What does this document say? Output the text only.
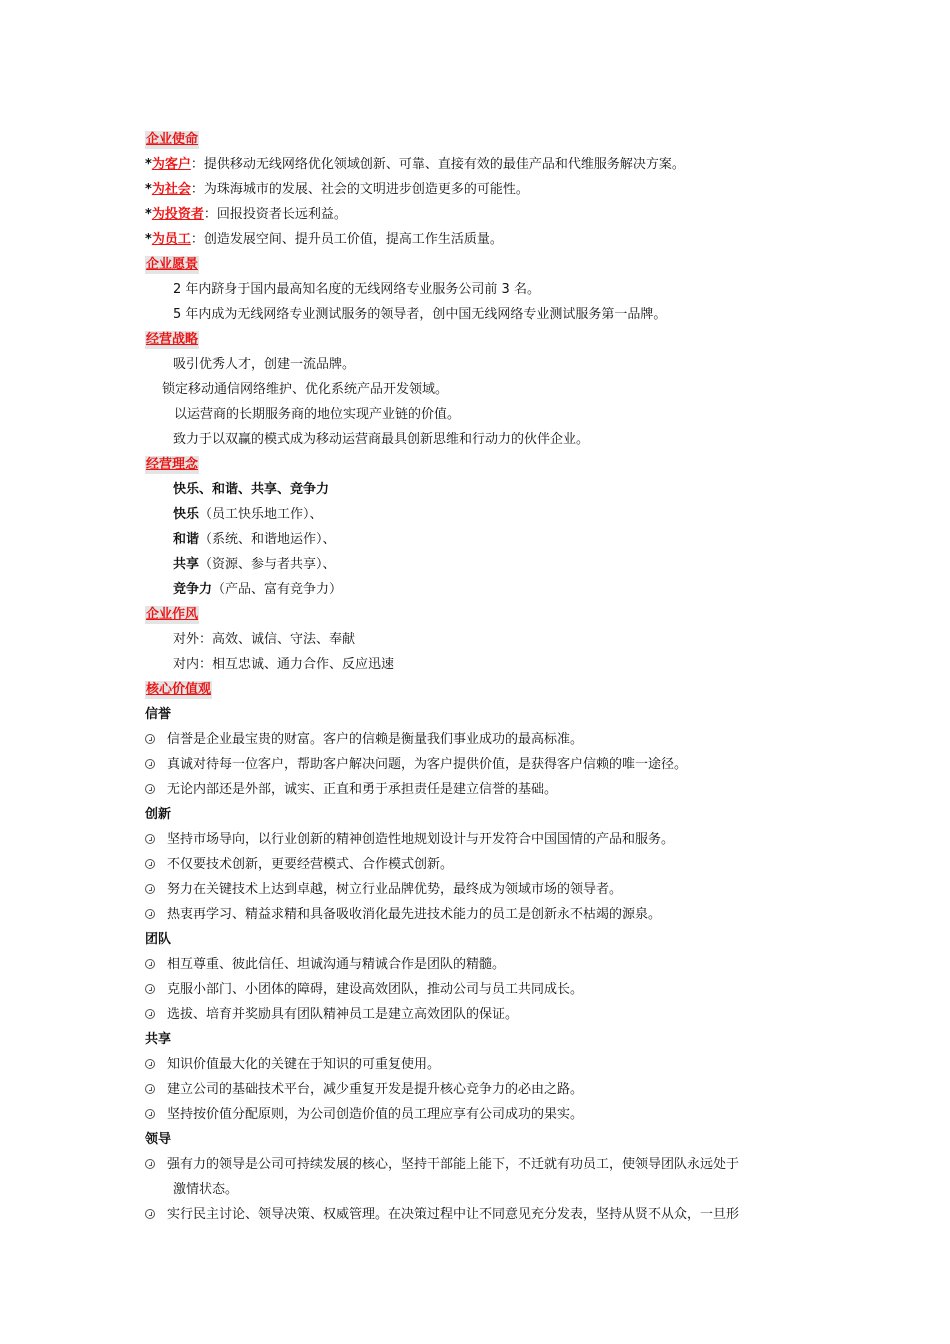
企业使命
*为客户：提供移动无线网络优化领域创新、可靠、直接有效的最佳产品和代维服务解决方案。
*为社会：为珠海城市的发展、社会的文明进步创造更多的可能性。
*为投资者：回报投资者长远利益。
*为员工：创造发展空间、提升员工价值，提高工作生活质量。
企业愿景
2 年内跻身于国内最高知名度的无线网络专业服务公司前 3 名。
5 年内成为无线网络专业测试服务的领导者，创中国无线网络专业测试服务第一品牌。
经营战略
吸引优秀人才，创建一流品牌。
锁定移动通信网络维护、优化系统产品开发领域。
以运营商的长期服务商的地位实现产业链的价值。
致力于以双赢的模式成为移动运营商最具创新思维和行动力的伙伴企业。
经营理念
快乐、和谐、共享、竞争力
快乐（员工快乐地工作）、
和谐（系统、和谐地运作）、
共享（资源、参与者共享）、
竞争力（产品、富有竞争力）
企业作风
对外：高效、诚信、守法、奉献
对内：相互忠诚、通力合作、反应迅速
核心价值观
信誉
信誉是企业最宝贵的财富。客户的信赖是衡量我们事业成功的最高标准。
真诚对待每一位客户，帮助客户解决问题，为客户提供价值，是获得客户信赖的唯一途径。
无论内部还是外部，诚实、正直和勇于承担责任是建立信誉的基础。
创新
坚持市场导向，以行业创新的精神创造性地规划设计与开发符合中国国情的产品和服务。
不仅要技术创新，更要经营模式、合作模式创新。
努力在关键技术上达到卓越，树立行业品牌优势，最终成为领域市场的领导者。
热衷再学习、精益求精和具备吸收消化最先进技术能力的员工是创新永不枯竭的源泉。
团队
相互尊重、彼此信任、坦诚沟通与精诚合作是团队的精髓。
克服小部门、小团体的障碍，建设高效团队，推动公司与员工共同成长。
选拔、培育并奖励具有团队精神员工是建立高效团队的保证。
共享
知识价值最大化的关键在于知识的可重复使用。
建立公司的基础技术平台，减少重复开发是提升核心竞争力的必由之路。
坚持按价值分配原则，为公司创造价值的员工理应享有公司成功的果实。
领导
强有力的领导是公司可持续发展的核心，坚持干部能上能下，不迁就有功员工，使领导团队永远处于
激情状态。
实行民主讨论、领导决策、权威管理。在决策过程中让不同意见充分发表，坚持从贤不从众，一旦形
